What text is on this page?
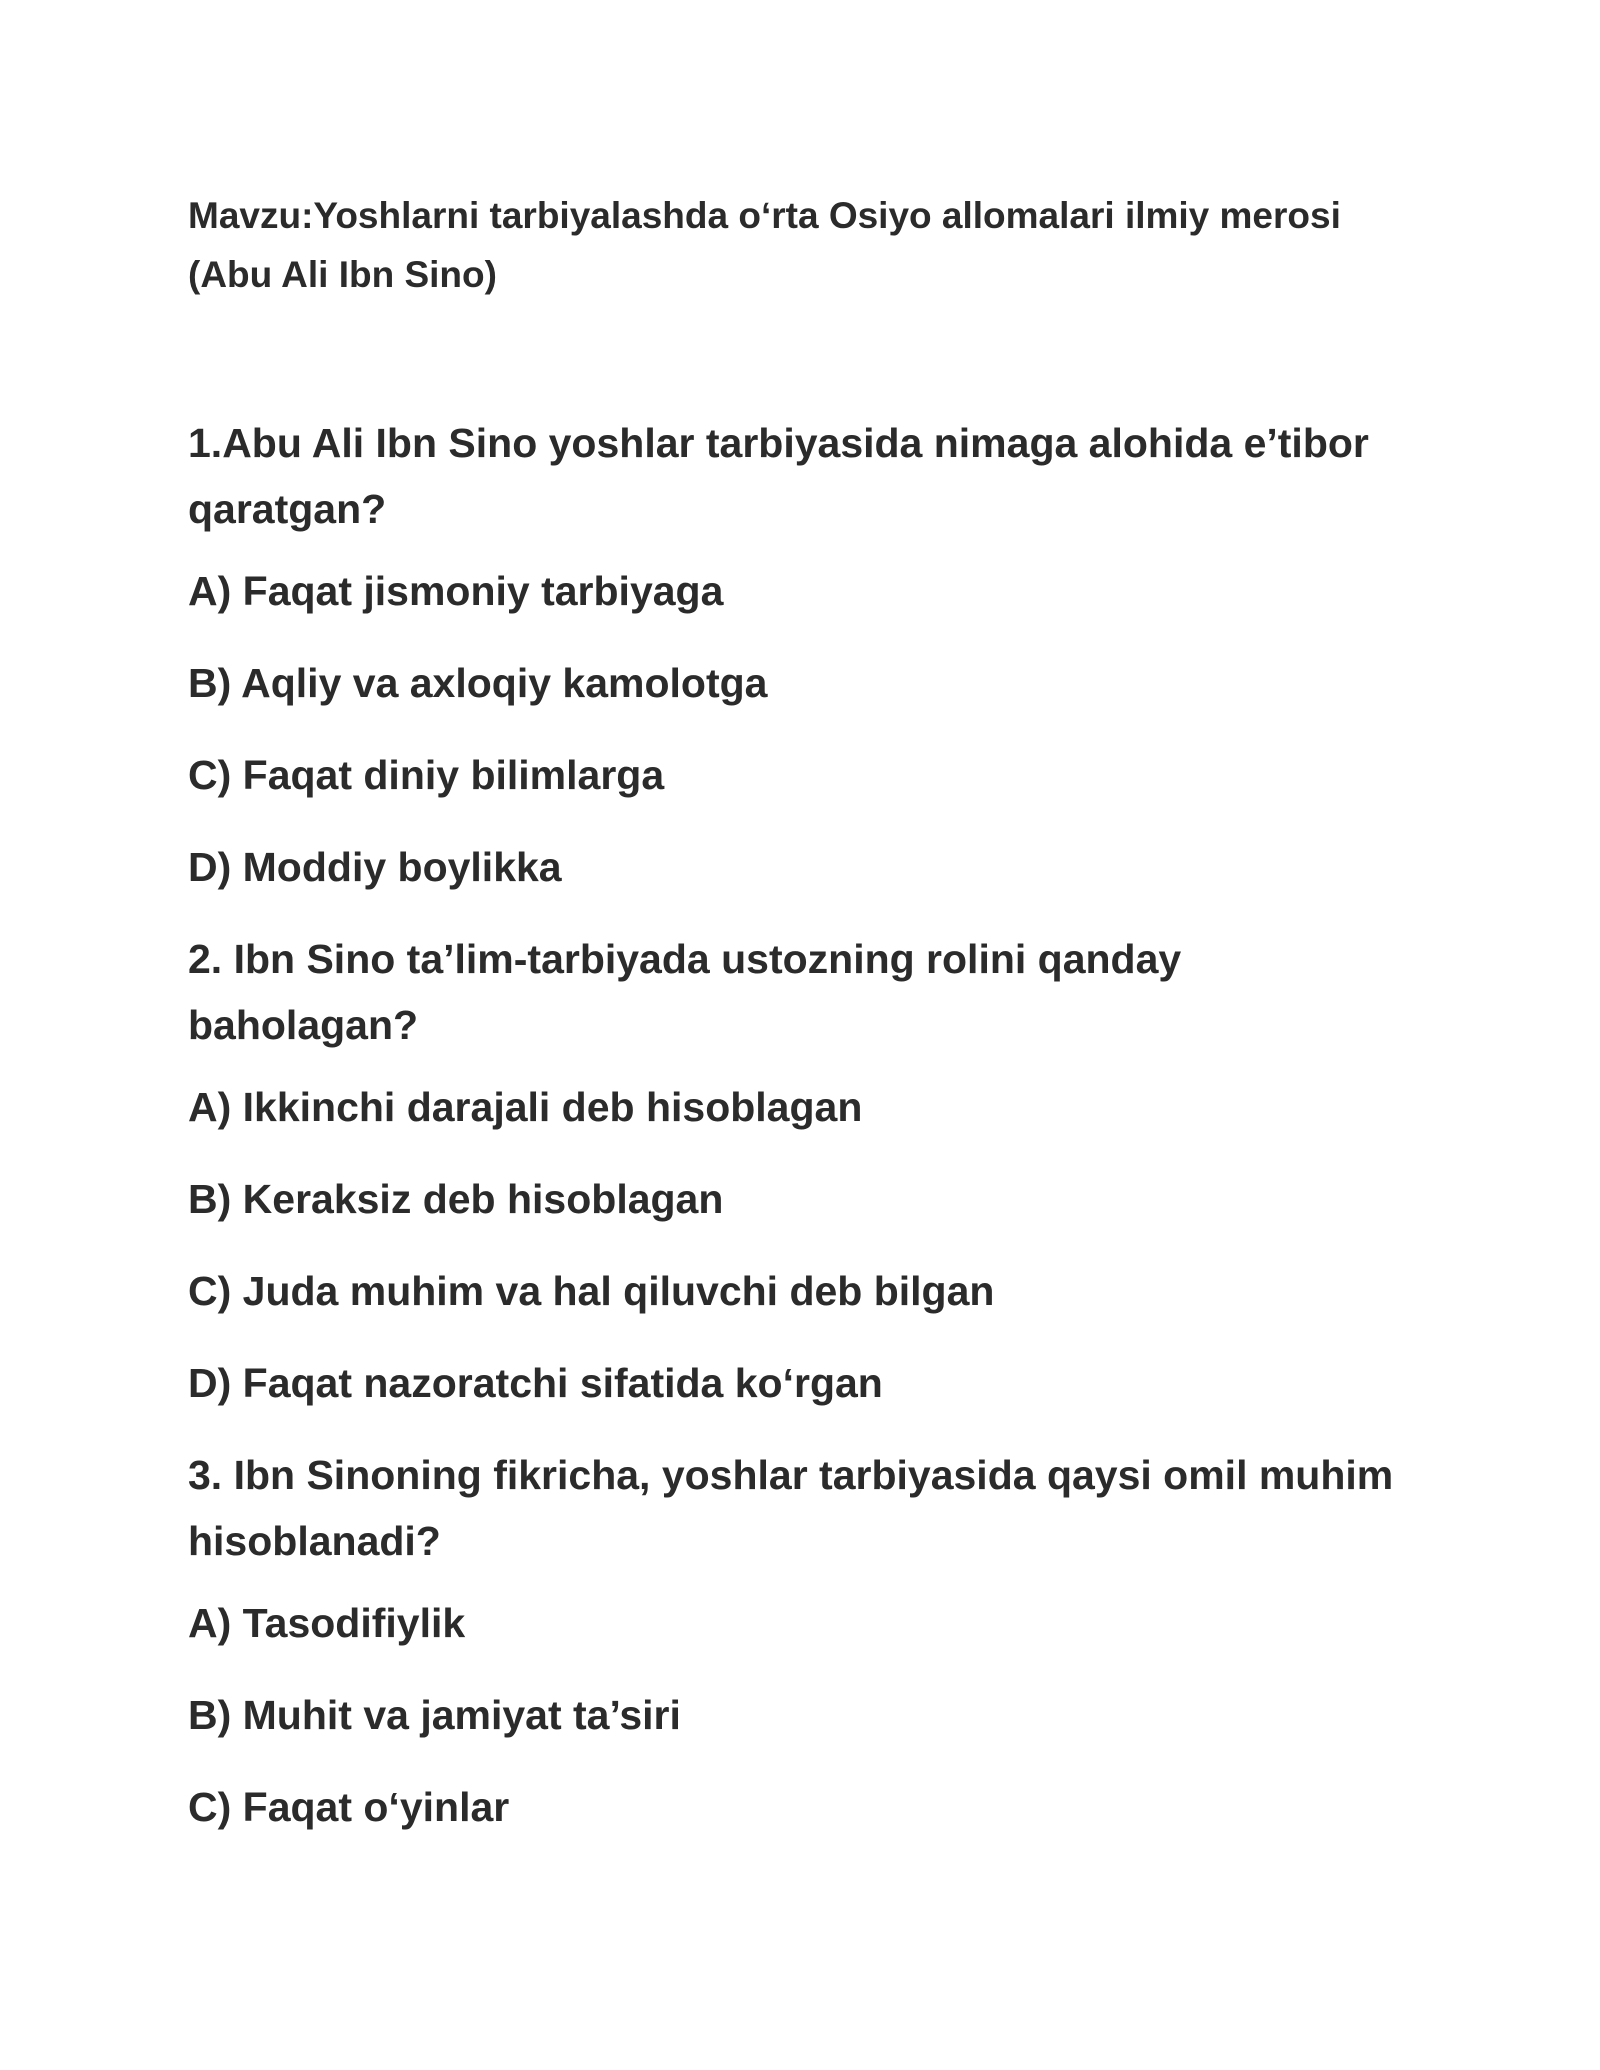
Mavzu:Yoshlarni tarbiyalashda o‘rta Osiyo allomalari ilmiy merosi
(Abu Ali Ibn Sino)
1.Abu Ali Ibn Sino yoshlar tarbiyasida nimaga alohida e’tibor
qaratgan?
A) Faqat jismoniy tarbiyaga
B) Aqliy va axloqiy kamolotga
C) Faqat diniy bilimlarga
D) Moddiy boylikka
2. Ibn Sino ta’lim-tarbiyada ustozning rolini qanday
baholagan?
A) Ikkinchi darajali deb hisoblagan
B) Keraksiz deb hisoblagan
C) Juda muhim va hal qiluvchi deb bilgan
D) Faqat nazoratchi sifatida ko‘rgan
3. Ibn Sinoning fikricha, yoshlar tarbiyasida qaysi omil muhim
hisoblanadi?
A) Tasodifiylik
B) Muhit va jamiyat ta’siri
C) Faqat o‘yinlar
